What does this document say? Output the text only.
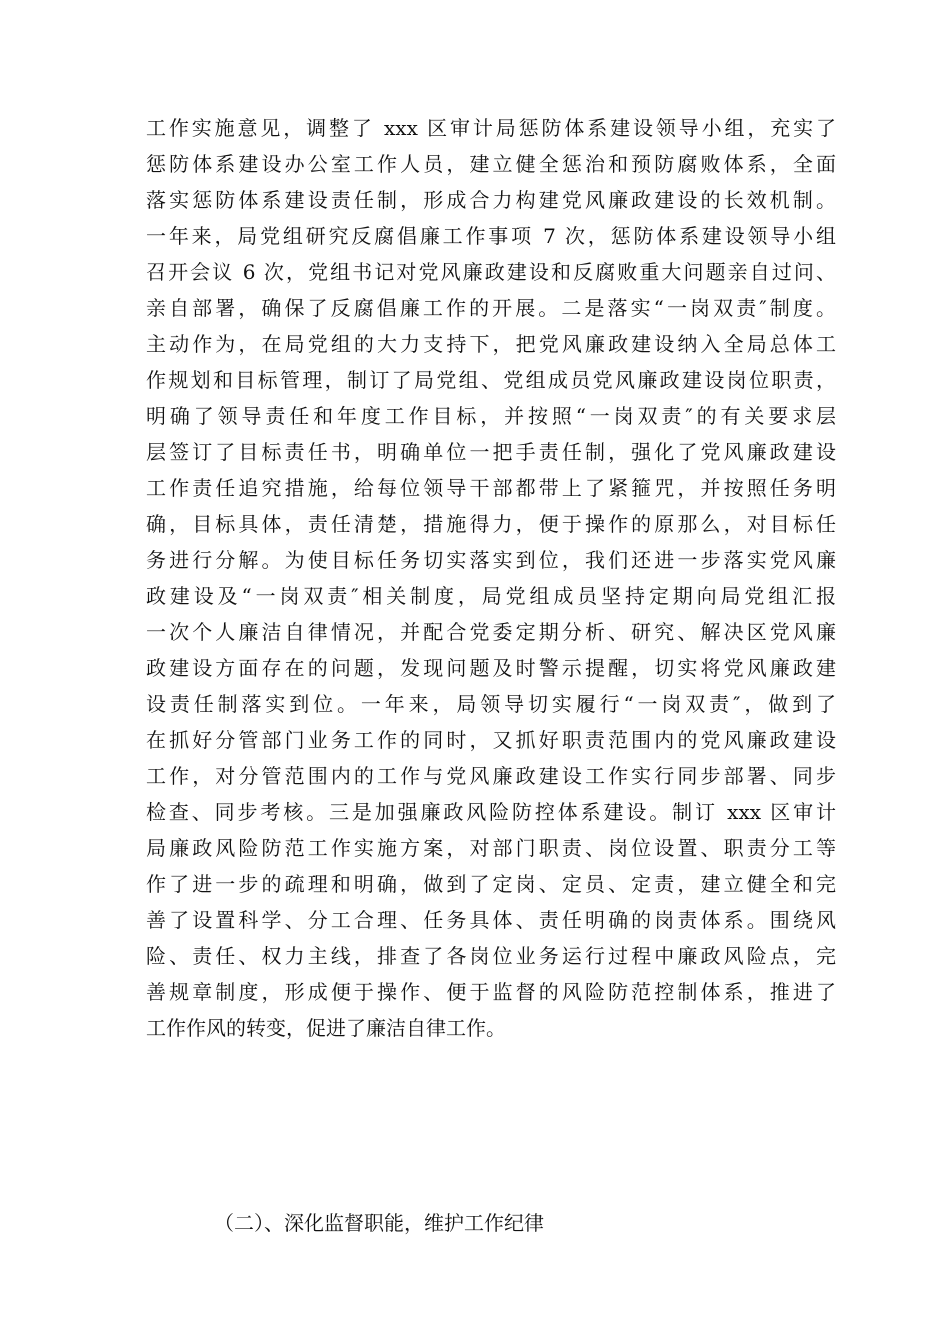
工作实施意见，调整了 xxx 区审计局惩防体系建设领导小组，充实了
惩防体系建设办公室工作人员，建立健全惩治和预防腐败体系，全面
落实惩防体系建设责任制，形成合力构建党风廉政建设的长效机制。
一年来，局党组研究反腐倡廉工作事项 7 次，惩防体系建设领导小组
召开会议 6 次，党组书记对党风廉政建设和反腐败重大问题亲自过问、
亲自部署，确保了反腐倡廉工作的开展。二是落实“一岗双责″制度。
主动作为，在局党组的大力支持下，把党风廉政建设纳入全局总体工
作规划和目标管理，制订了局党组、党组成员党风廉政建设岗位职责，
明确了领导责任和年度工作目标，并按照“一岗双责″的有关要求层
层签订了目标责任书，明确单位一把手责任制，强化了党风廉政建设
工作责任追究措施，给每位领导干部都带上了紧箍咒，并按照任务明
确，目标具体，责任清楚，措施得力，便于操作的原那么，对目标任
务进行分解。为使目标任务切实落实到位，我们还进一步落实党风廉
政建设及“一岗双责″相关制度，局党组成员坚持定期向局党组汇报
一次个人廉洁自律情况，并配合党委定期分析、研究、解决区党风廉
政建设方面存在的问题，发现问题及时警示提醒，切实将党风廉政建
设责任制落实到位。一年来，局领导切实履行“一岗双责″，做到了
在抓好分管部门业务工作的同时，又抓好职责范围内的党风廉政建设
工作，对分管范围内的工作与党风廉政建设工作实行同步部署、同步
检查、同步考核。三是加强廉政风险防控体系建设。制订 xxx 区审计
局廉政风险防范工作实施方案，对部门职责、岗位设置、职责分工等
作了进一步的疏理和明确，做到了定岗、定员、定责，建立健全和完
善了设置科学、分工合理、任务具体、责任明确的岗责体系。围绕风
险、责任、权力主线，排查了各岗位业务运行过程中廉政风险点，完
善规章制度，形成便于操作、便于监督的风险防范控制体系，推进了
工作作风的转变，促进了廉洁自律工作。
（二）、深化监督职能，维护工作纪律
